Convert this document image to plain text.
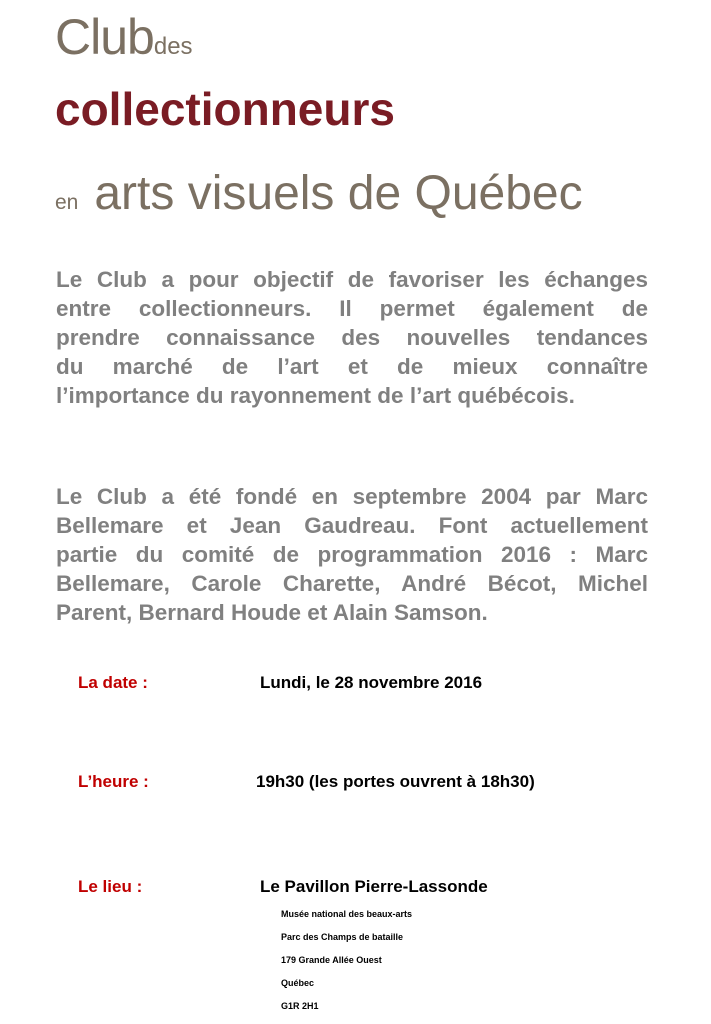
Clubdes
collectionneurs
en arts visuels de Québec
Le Club a pour objectif de favoriser les échanges
entre collectionneurs. Il permet également de
prendre connaissance des nouvelles tendances
du marché de l’art et de mieux connaître
l’importance du rayonnement de l’art québécois.
Le Club a été fondé en septembre 2004 par Marc
Bellemare et Jean Gaudreau. Font actuellement
partie du comité de programmation 2016 : Marc
Bellemare, Carole Charette, André Bécot, Michel
Parent, Bernard Houde et Alain Samson.
La date :	Lundi, le 28 novembre 2016
L’heure :	19h30 (les portes ouvrent à 18h30)
Le lieu :	Le Pavillon Pierre-Lassonde
Musée national des beaux-arts
Parc des Champs de bataille
179 Grande Allée Ouest
Québec
G1R 2H1
